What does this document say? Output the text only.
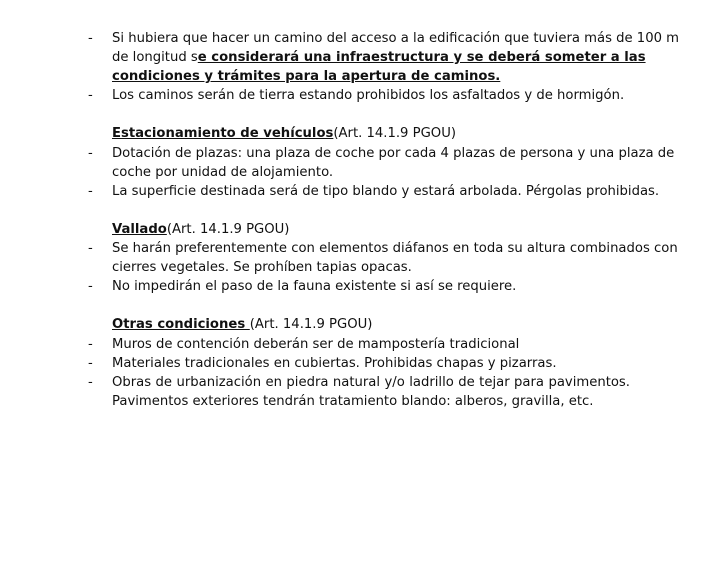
-	Si hubiera que hacer un camino del acceso a la edificación que tuviera más de 100 m
de longitud se considerará una infraestructura y se deberá someter a las
condiciones y trámites para la apertura de caminos.
-	Los caminos serán de tierra estando prohibidos los asfaltados y de hormigón.
Estacionamiento de vehículos(Art. 14.1.9 PGOU)
-	Dotación de plazas: una plaza de coche por cada 4 plazas de persona y una plaza de
coche por unidad de alojamiento.
-	La superficie destinada será de tipo blando y estará arbolada. Pérgolas prohibidas.
Vallado(Art. 14.1.9 PGOU)
-	Se harán preferentemente con elementos diáfanos en toda su altura combinados con
cierres vegetales. Se prohíben tapias opacas.
-	No impedirán el paso de la fauna existente si así se requiere.
Otras condiciones (Art. 14.1.9 PGOU)
-	Muros de contención deberán ser de mampostería tradicional
-	Materiales tradicionales en cubiertas. Prohibidas chapas y pizarras.
-	Obras de urbanización en piedra natural y/o ladrillo de tejar para pavimentos.
Pavimentos exteriores tendrán tratamiento blando: alberos, gravilla, etc.
